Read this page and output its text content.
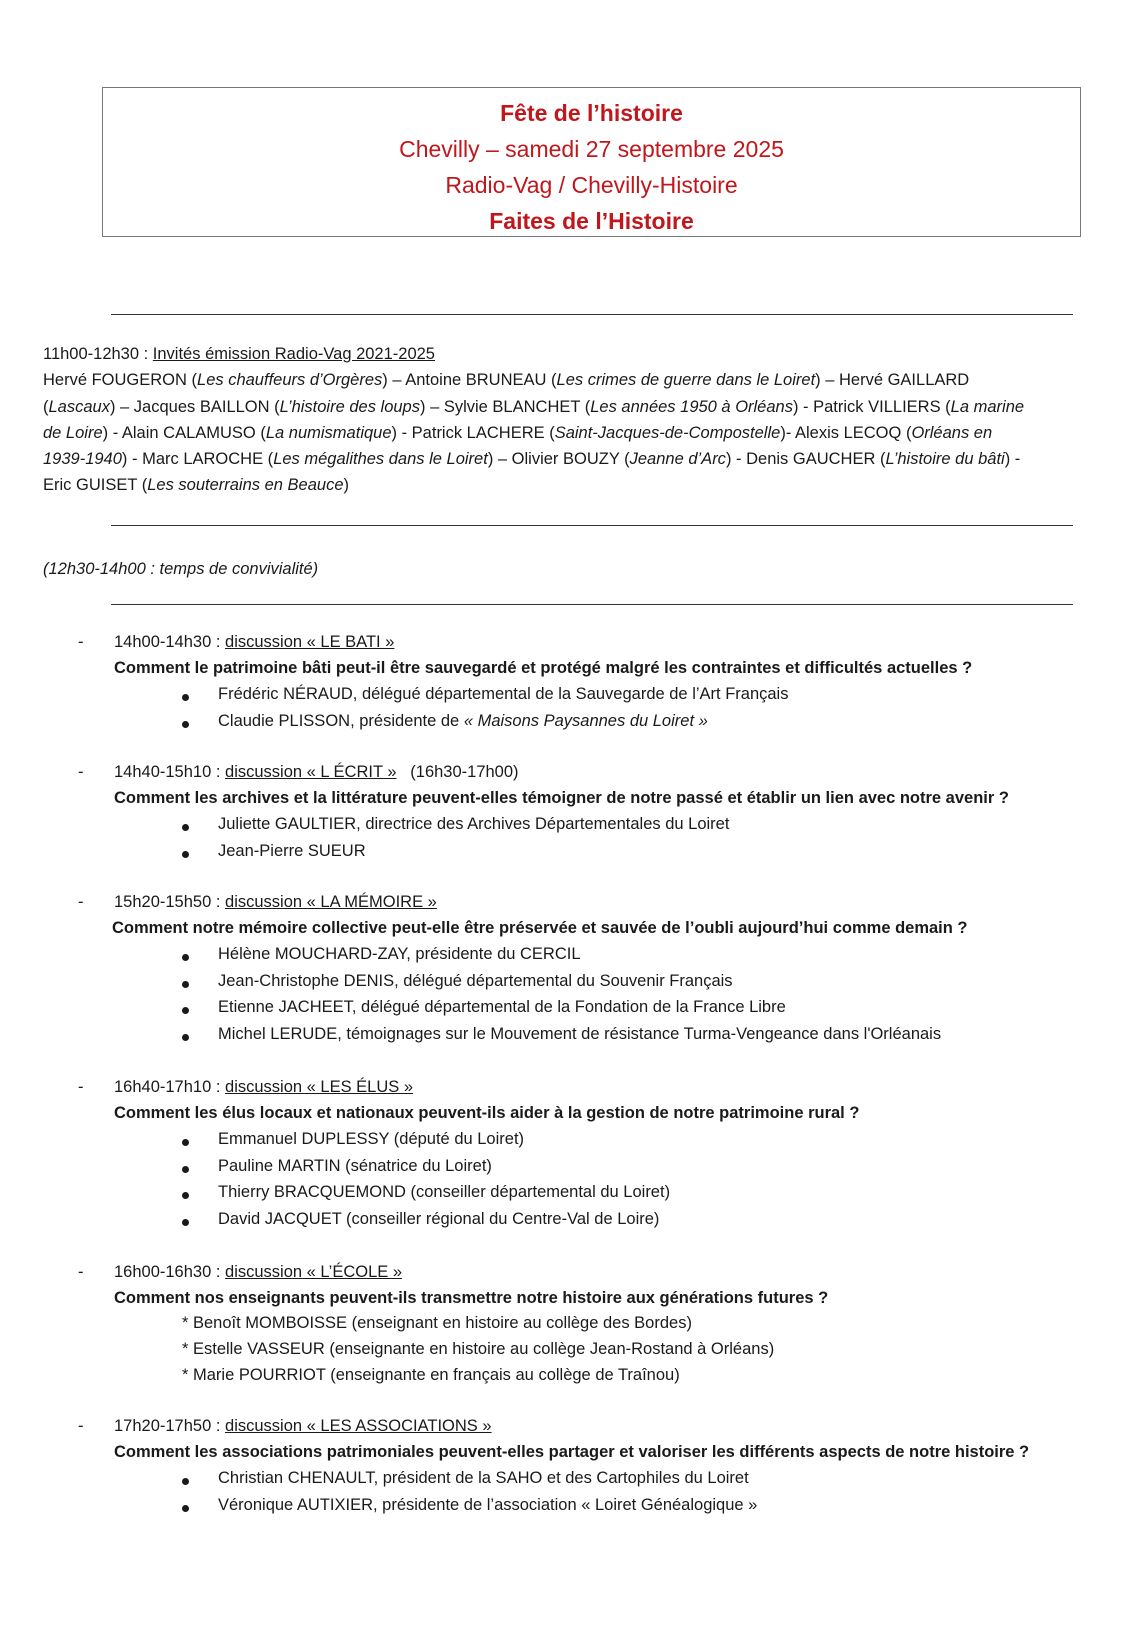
Fête de l’histoire
Chevilly – samedi 27 septembre 2025
Radio-Vag / Chevilly-Histoire
Faites de l’Histoire
11h00-12h30 : Invités émission Radio-Vag 2021-2025
Hervé FOUGERON (Les chauffeurs d’Orgères) – Antoine BRUNEAU (Les crimes de guerre dans le Loiret) – Hervé GAILLARD
(Lascaux) – Jacques BAILLON (L’histoire des loups) – Sylvie BLANCHET (Les années 1950 à Orléans) - Patrick VILLIERS (La marine
de Loire) - Alain CALAMUSO (La numismatique) - Patrick LACHERE (Saint-Jacques-de-Compostelle)- Alexis LECOQ (Orléans en
1939-1940) - Marc LAROCHE (Les mégalithes dans le Loiret) – Olivier BOUZY (Jeanne d’Arc) - Denis GAUCHER (L’histoire du bâti) -
Eric GUISET (Les souterrains en Beauce)
(12h30-14h00 : temps de convivialité)
- 14h00-14h30 : discussion « LE BATI »
Comment le patrimoine bâti peut-il être sauvegardé et protégé malgré les contraintes et difficultés actuelles ?
Frédéric NÉRAUD, délégué départemental de la Sauvegarde de l’Art Français
Claudie PLISSON, présidente de « Maisons Paysannes du Loiret »
- 14h40-15h10 : discussion « L ÉCRIT »   (16h30-17h00)
Comment les archives et la littérature peuvent-elles témoigner de notre passé et établir un lien avec notre avenir ?
Juliette GAULTIER, directrice des Archives Départementales du Loiret
Jean-Pierre SUEUR
- 15h20-15h50 : discussion « LA MÉMOIRE »
Comment notre mémoire collective peut-elle être préservée et sauvée de l’oubli aujourd’hui comme demain ?
Hélène MOUCHARD-ZAY, présidente du CERCIL
Jean-Christophe DENIS, délégué départemental du Souvenir Français
Etienne JACHEET, délégué départemental de la Fondation de la France Libre
Michel LERUDE, témoignages sur le Mouvement de résistance Turma-Vengeance dans l'Orléanais
- 16h40-17h10 : discussion « LES ÉLUS »
Comment les élus locaux et nationaux peuvent-ils aider à la gestion de notre patrimoine rural ?
Emmanuel DUPLESSY (député du Loiret)
Pauline MARTIN (sénatrice du Loiret)
Thierry BRACQUEMOND (conseiller départemental du Loiret)
David JACQUET (conseiller régional du Centre-Val de Loire)
- 16h00-16h30 : discussion « L’ÉCOLE »
Comment nos enseignants peuvent-ils transmettre notre histoire aux générations futures ?
* Benoît MOMBOISSE (enseignant en histoire au collège des Bordes)
* Estelle VASSEUR (enseignante en histoire au collège Jean-Rostand à Orléans)
* Marie POURRIOT (enseignante en français au collège de Traînou)
- 17h20-17h50 : discussion « LES ASSOCIATIONS »
Comment les associations patrimoniales peuvent-elles partager et valoriser les différents aspects de notre histoire ?
Christian CHENAULT, président de la SAHO et des Cartophiles du Loiret
Véronique AUTIXIER, présidente de l’association « Loiret Généalogique »
